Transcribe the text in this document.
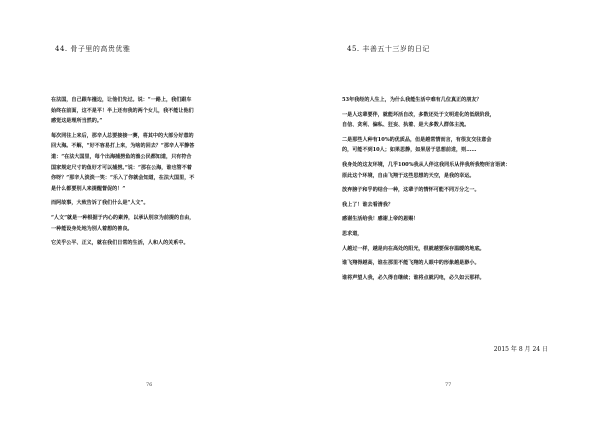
44. 骨子里的高贵优雅
在法国，自己跟车撞边，让他们先过。说：“一路上，我们跟车
始终在前面，这不是平！半上还有我的两个女儿，我不能让他们
感觉这是理所当然的。”
每次同往上来后，那辛人总要接接一赛，将其中的大部分好意的
回大海。不解，“好不容易打上来，为啥的回去？”那辛人平静答
道：“在法大国里，每个出海捕捞鱼的渔公民都知道，只有符合
国家规定尺寸的鱼好才可以捕捞。”说：“那在公海，谁也管不着
你呀？”那辛人淡淡一笑：“乐入了你就会知道，在法大国里，不
是什么都要别人来提醒督促的！”
而阿故事，大致告诉了我们什么是“人文”。
“人文”就是一种根据于内心的素养，以承认别京为前提的自由，
一种能设身处地为别人着想的善良。
它关乎公平、正义，就在我们日常的生活，人和人的关系中。
76
45. 丰善五十三岁的日记
53年我经的人生上，为什么我能生活中难有几位真正的朋友？
一是人这辈要伴，就能坏活自改，多数还处于文明进化的低级阶段，
自信、贪利、偏私、狂妄、执着、是大多数人群体主流。
二是那些人种有10%的优质品，但是越常情而言，有很友交往意会
的，可能不到10人；如果思静，如果居于思想前进，则……
我身处的这友环境，几乎100%我从人伴这我同乐从伴我所我物所言语读：
原此这个环境，自由飞翔于这些思想的天空，是我的幸运。
放弃膀子和乎的结合一种，这辈子的情怀可能不同万分之一。
我上了！谁去看清我？
感谢生活给我！感谢上帝的恩赐！
思求道，
人越过一样，越是向在高处的阳光，很就越要保存温暖的地底。
谁飞翔得越高，谁在那里不能飞翔的人眼中的形象越是渺小。
谁将声望人我，必久得自继续；谁将点就闪电，必久如云那样。
2015 年 8 月 24 日
77
